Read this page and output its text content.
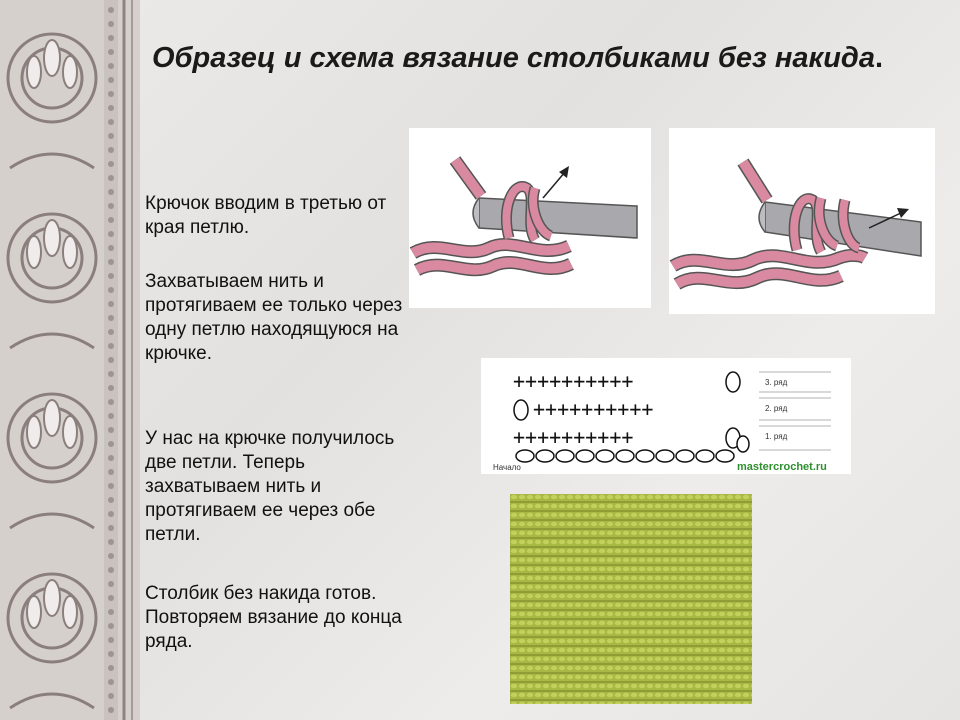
Образец и схема вязание столбиками без накида.
Крючок вводим в третью от края петлю.
Захватываем нить и протягиваем ее только через одну петлю находящуюся на крючке.
У нас на крючке получилось две петли. Теперь захватываем нить и протягиваем ее через обе петли.
Столбик без накида готов. Повторяем вязание до конца ряда.
++++++++++
++++++++++
++++++++++
3. ряд
2. ряд
1. ряд
Начало	mastercrochet.ru
